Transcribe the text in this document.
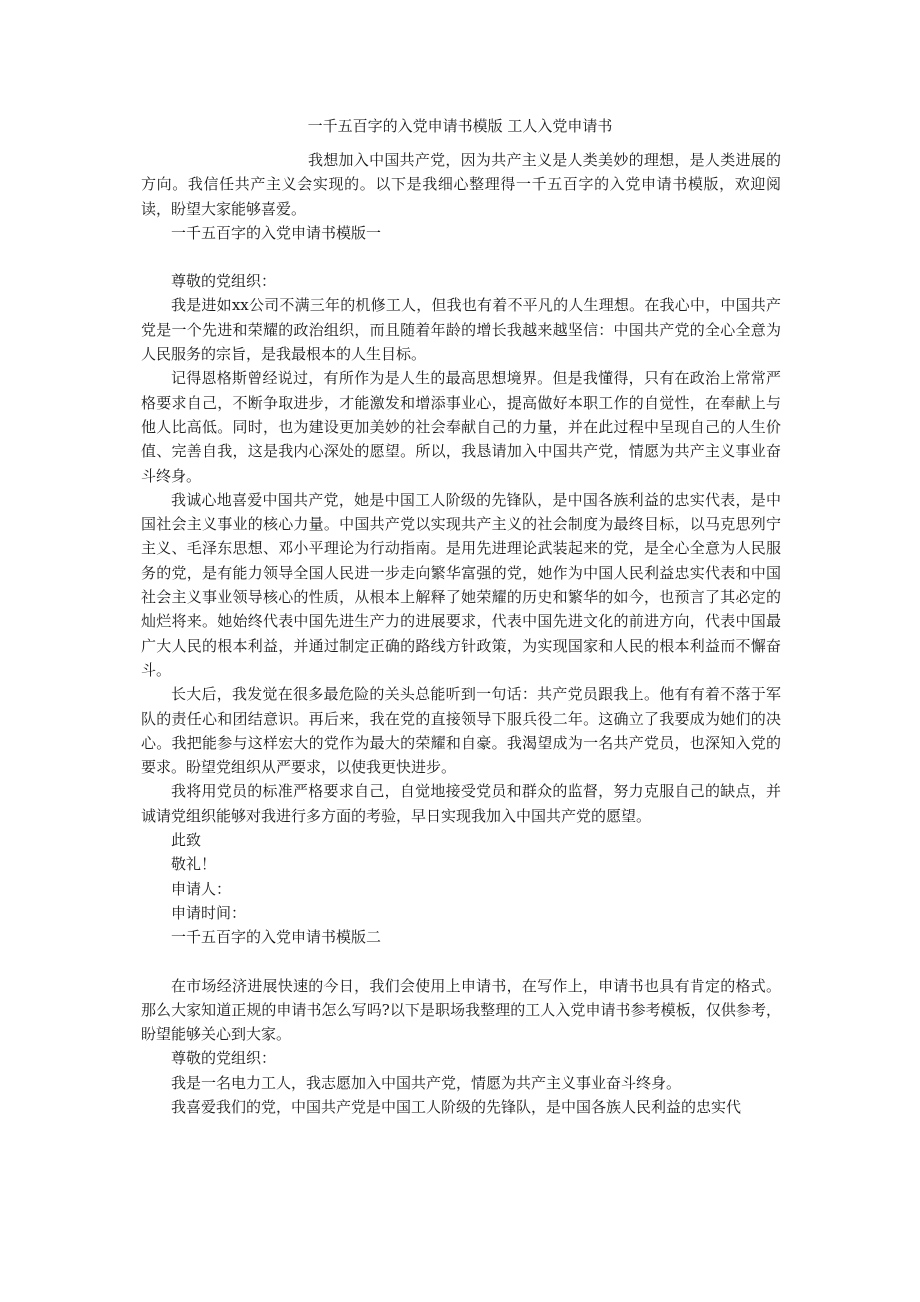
一千五百字的入党申请书模版 工人入党申请书

我想加入中国共产党，因为共产主义是人类美妙的理想，是人类进展的方向。我信任共产主义会实现的。以下是我细心整理得一千五百字的入党申请书模版，欢迎阅读，盼望大家能够喜爱。

一千五百字的入党申请书模版一

尊敬的党组织：

我是进如xx公司不满三年的机修工人，但我也有着不平凡的人生理想。在我心中，中国共产党是一个先进和荣耀的政治组织，而且随着年龄的增长我越来越坚信：中国共产党的全心全意为人民服务的宗旨，是我最根本的人生目标。

记得恩格斯曾经说过，有所作为是人生的最高思想境界。但是我懂得，只有在政治上常常严格要求自己，不断争取进步，才能激发和增添事业心，提高做好本职工作的自觉性，在奉献上与他人比高低。同时，也为建设更加美妙的社会奉献自己的力量，并在此过程中呈现自己的人生价值、完善自我，这是我内心深处的愿望。所以，我恳请加入中国共产党，情愿为共产主义事业奋斗终身。

我诚心地喜爱中国共产党，她是中国工人阶级的先锋队，是中国各族利益的忠实代表，是中国社会主义事业的核心力量。中国共产党以实现共产主义的社会制度为最终目标，以马克思列宁主义、毛泽东思想、邓小平理论为行动指南。是用先进理论武装起来的党，是全心全意为人民服务的党，是有能力领导全国人民进一步走向繁华富强的党，她作为中国人民利益忠实代表和中国社会主义事业领导核心的性质，从根本上解释了她荣耀的历史和繁华的如今，也预言了其必定的灿烂将来。她始终代表中国先进生产力的进展要求，代表中国先进文化的前进方向，代表中国最广大人民的根本利益，并通过制定正确的路线方针政策，为实现国家和人民的根本利益而不懈奋斗。

长大后，我发觉在很多最危险的关头总能听到一句话：共产党员跟我上。他有有着不落于军队的责任心和团结意识。再后来，我在党的直接领导下服兵役二年。这确立了我要成为她们的决心。我把能参与这样宏大的党作为最大的荣耀和自豪。我渴望成为一名共产党员，也深知入党的要求。盼望党组织从严要求，以使我更快进步。

我将用党员的标准严格要求自己，自觉地接受党员和群众的监督，努力克服自己的缺点，并诚请党组织能够对我进行多方面的考验，早日实现我加入中国共产党的愿望。

此致

敬礼！

申请人：

申请时间：

一千五百字的入党申请书模版二

在市场经济进展快速的今日，我们会使用上申请书，在写作上，申请书也具有肯定的格式。那么大家知道正规的申请书怎么写吗?以下是职场我整理的工人入党申请书参考模板，仅供参考，盼望能够关心到大家。

尊敬的党组织：

我是一名电力工人，我志愿加入中国共产党，情愿为共产主义事业奋斗终身。

我喜爱我们的党，中国共产党是中国工人阶级的先锋队，是中国各族人民利益的忠实代
